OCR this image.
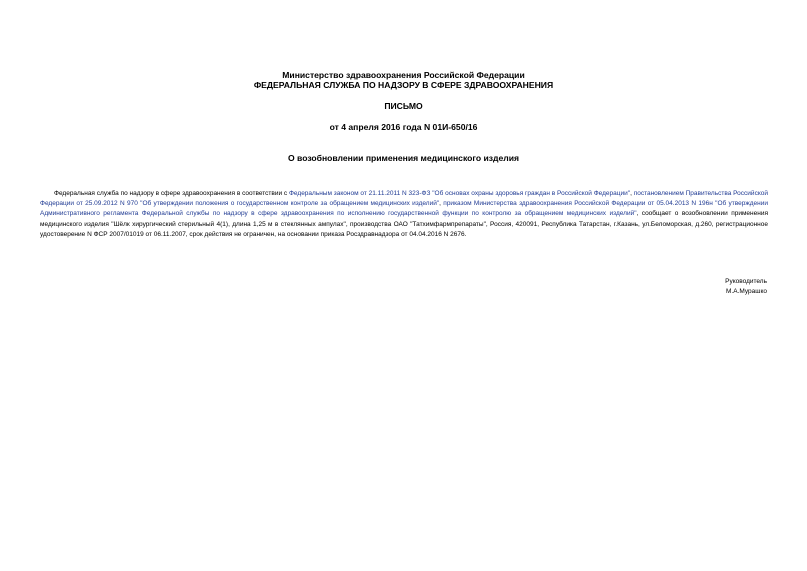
Министерство здравоохранения Российской Федерации
ФЕДЕРАЛЬНАЯ СЛУЖБА ПО НАДЗОРУ В СФЕРЕ ЗДРАВООХРАНЕНИЯ
ПИСЬМО
от 4 апреля 2016 года N 01И-650/16
О возобновлении применения медицинского изделия

Федеральная служба по надзору в сфере здравоохранения в соответствии с Федеральным законом от 21.11.2011 N 323-ФЗ "Об основах охраны здоровья граждан в Российской Федерации", постановлением Правительства Российской Федерации от 25.09.2012 N 970 "Об утверждении положения о государственном контроле за обращением медицинских изделий", приказом Министерства здравоохранения Российской Федерации от 05.04.2013 N 196н "Об утверждении Административного регламента Федеральной службы по надзору в сфере здравоохранения по исполнению государственной функции по контролю за обращением медицинских изделий", сообщает о возобновлении применения медицинского изделия "Шёлк хирургический стерильный 4(1), длина 1,25 м в стеклянных ампулах", производства ОАО "Татхимфармпрепараты", Россия, 420091, Республика Татарстан, г.Казань, ул.Беломорская, д.260, регистрационное удостоверение N ФСР 2007/01019 от 06.11.2007, срок действия не ограничен, на основании приказа Росздравнадзора от 04.04.2016 N 2676.

Руководитель
М.А.Мурашко
